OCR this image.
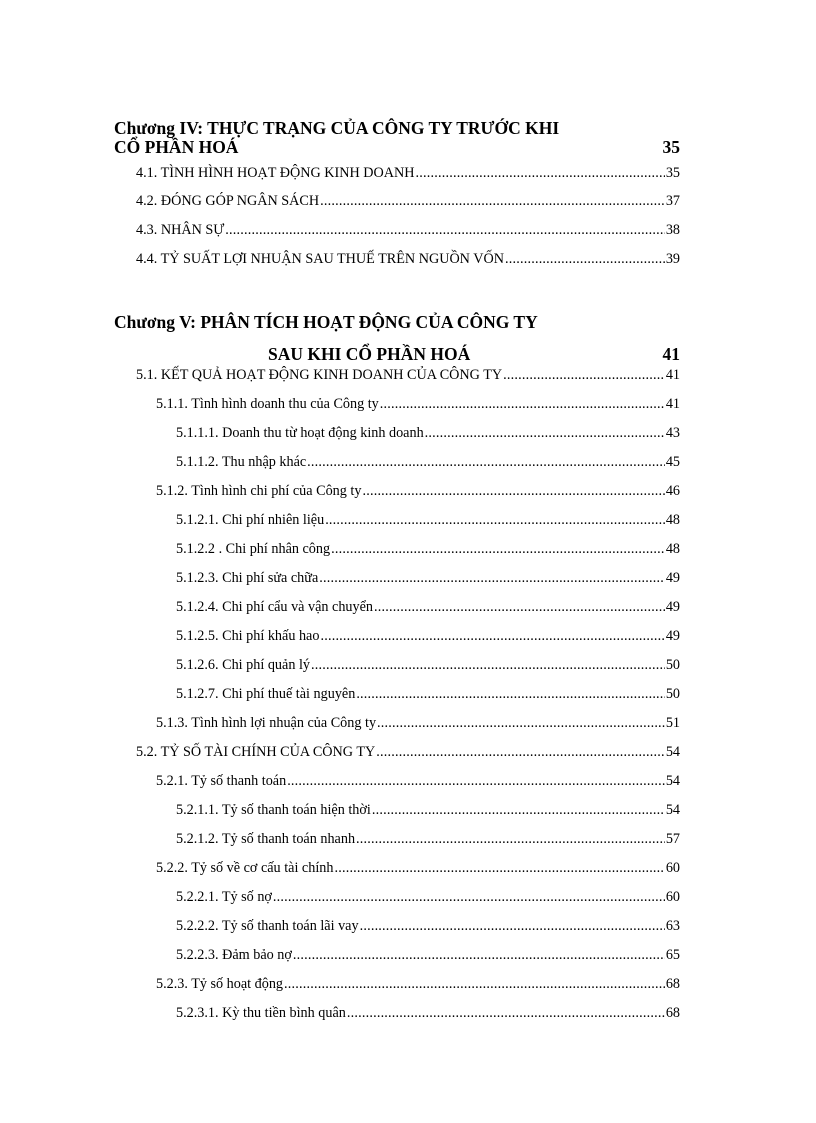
Chương IV: THỰC TRẠNG CỦA CÔNG TY TRƯỚC KHI
CỔ PHẦN HOÁ	35
4.1. TÌNH HÌNH HOẠT ĐỘNG KINH DOANH .....	35
4.2. ĐÓNG GÓP NGÂN SÁCH .....	37
4.3. NHÂN SỰ .....	38
4.4. TỶ SUẤT LỢI NHUẬN SAU THUẾ TRÊN NGUỒN VỐN .....	39
Chương V: PHÂN TÍCH HOẠT ĐỘNG CỦA CÔNG TY
SAU KHI CỔ PHẦN HOÁ	41
5.1. KẾT QUẢ HOẠT ĐỘNG KINH DOANH CỦA CÔNG TY .....	41
5.1.1. Tình hình doanh thu của Công ty .....	41
5.1.1.1. Doanh thu từ hoạt động kinh doanh .....	43
5.1.1.2. Thu nhập khác .....	45
5.1.2. Tình hình chi phí của Công ty .....	46
5.1.2.1. Chi phí nhiên liệu .....	48
5.1.2.2 . Chi phí nhân công .....	48
5.1.2.3. Chi phí sửa chữa .....	49
5.1.2.4. Chi phí cẩu và vận chuyển .....	49
5.1.2.5. Chi phí khấu hao .....	49
5.1.2.6. Chi phí quản lý .....	50
5.1.2.7. Chi phí thuế tài nguyên .....	50
5.1.3. Tình hình lợi nhuận của Công ty .....	51
5.2. TỶ SỐ TÀI CHÍNH CỦA CÔNG TY .....	54
5.2.1. Tỷ số thanh toán .....	54
5.2.1.1. Tỷ số thanh toán hiện thời .....	54
5.2.1.2. Tỷ số thanh toán nhanh .....	57
5.2.2. Tỷ số về cơ cấu tài chính .....	60
5.2.2.1. Tỷ số nợ .....	60
5.2.2.2. Tỷ số thanh toán lãi vay .....	63
5.2.2.3. Đảm bảo nợ .....	65
5.2.3. Tỷ số hoạt động .....	68
5.2.3.1. Kỳ thu tiền bình quân .....	68
